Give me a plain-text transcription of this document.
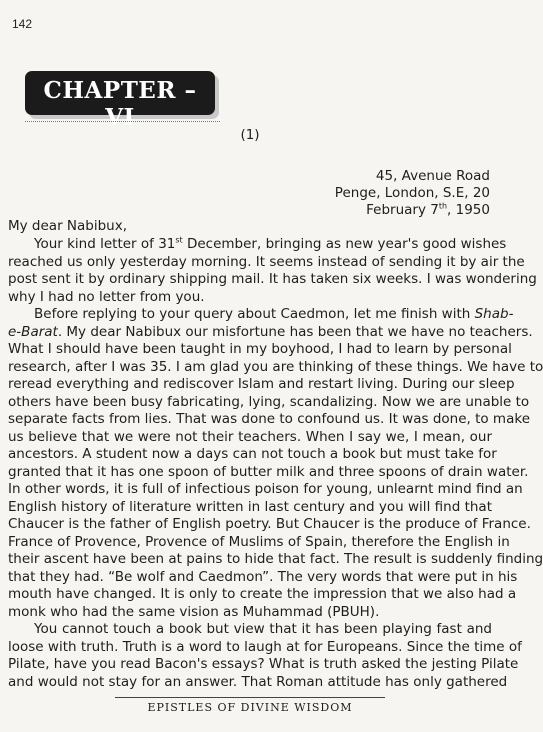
142
CHAPTER – VI
(1)
45, Avenue Road
Penge, London, S.E, 20
February 7th, 1950
My dear Nabibux,
Your kind letter of 31st December, bringing as new year's good wishes
reached us only yesterday morning. It seems instead of sending it by air the
post sent it by ordinary shipping mail. It has taken six weeks. I was wondering
why I had no letter from you.
Before replying to your query about Caedmon, let me finish with Shab-
e-Barat. My dear Nabibux our misfortune has been that we have no teachers.
What I should have been taught in my boyhood, I had to learn by personal
research, after I was 35. I am glad you are thinking of these things. We have to
reread everything and rediscover Islam and restart living. During our sleep
others have been busy fabricating, lying, scandalizing. Now we are unable to
separate facts from lies. That was done to confound us. It was done, to make
us believe that we were not their teachers. When I say we, I mean, our
ancestors. A student now a days can not touch a book but must take for
granted that it has one spoon of butter milk and three spoons of drain water.
In other words, it is full of infectious poison for young, unlearnt mind find an
English history of literature written in last century and you will find that
Chaucer is the father of English poetry. But Chaucer is the produce of France.
France of Provence, Provence of Muslims of Spain, therefore the English in
their ascent have been at pains to hide that fact. The result is suddenly finding
that they had. “Be wolf and Caedmon”. The very words that were put in his
mouth have changed. It is only to create the impression that we also had a
monk who had the same vision as Muhammad (PBUH).
You cannot touch a book but view that it has been playing fast and
loose with truth. Truth is a word to laugh at for Europeans. Since the time of
Pilate, have you read Bacon's essays? What is truth asked the jesting Pilate
and would not stay for an answer. That Roman attitude has only gathered
EPISTLES OF DIVINE WISDOM
